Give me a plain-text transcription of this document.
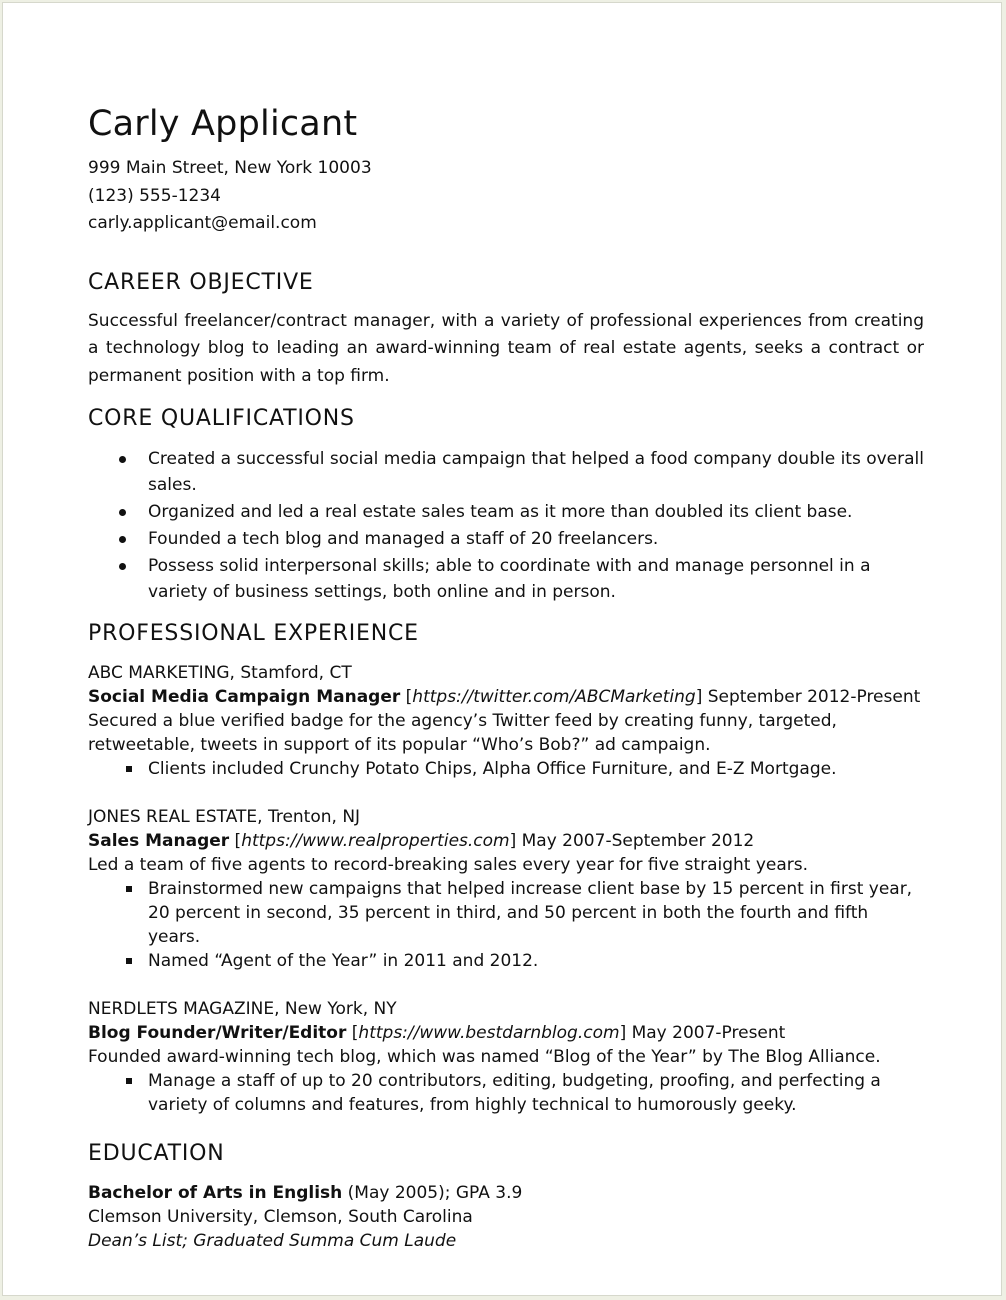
Carly Applicant
999 Main Street, New York 10003
(123) 555-1234
carly.applicant@email.com
CAREER OBJECTIVE
Successful freelancer/contract manager, with a variety of professional experiences from creating a technology blog to leading an award-winning team of real estate agents, seeks a contract or permanent position with a top firm.
CORE QUALIFICATIONS
Created a successful social media campaign that helped a food company double its overall sales.
Organized and led a real estate sales team as it more than doubled its client base.
Founded a tech blog and managed a staff of 20 freelancers.
Possess solid interpersonal skills; able to coordinate with and manage personnel in a variety of business settings, both online and in person.
PROFESSIONAL EXPERIENCE
ABC MARKETING, Stamford, CT
Social Media Campaign Manager [https://twitter.com/ABCMarketing] September 2012-Present
Secured a blue verified badge for the agency’s Twitter feed by creating funny, targeted, retweetable, tweets in support of its popular “Who’s Bob?” ad campaign.
Clients included Crunchy Potato Chips, Alpha Office Furniture, and E-Z Mortgage.
JONES REAL ESTATE, Trenton, NJ
Sales Manager [https://www.realproperties.com] May 2007-September 2012
Led a team of five agents to record-breaking sales every year for five straight years.
Brainstormed new campaigns that helped increase client base by 15 percent in first year, 20 percent in second, 35 percent in third, and 50 percent in both the fourth and fifth years.
Named “Agent of the Year” in 2011 and 2012.
NERDLETS MAGAZINE, New York, NY
Blog Founder/Writer/Editor [https://www.bestdarnblog.com] May 2007-Present
Founded award-winning tech blog, which was named “Blog of the Year” by The Blog Alliance.
Manage a staff of up to 20 contributors, editing, budgeting, proofing, and perfecting a variety of columns and features, from highly technical to humorously geeky.
EDUCATION
Bachelor of Arts in English (May 2005); GPA 3.9
Clemson University, Clemson, South Carolina
Dean’s List; Graduated Summa Cum Laude
